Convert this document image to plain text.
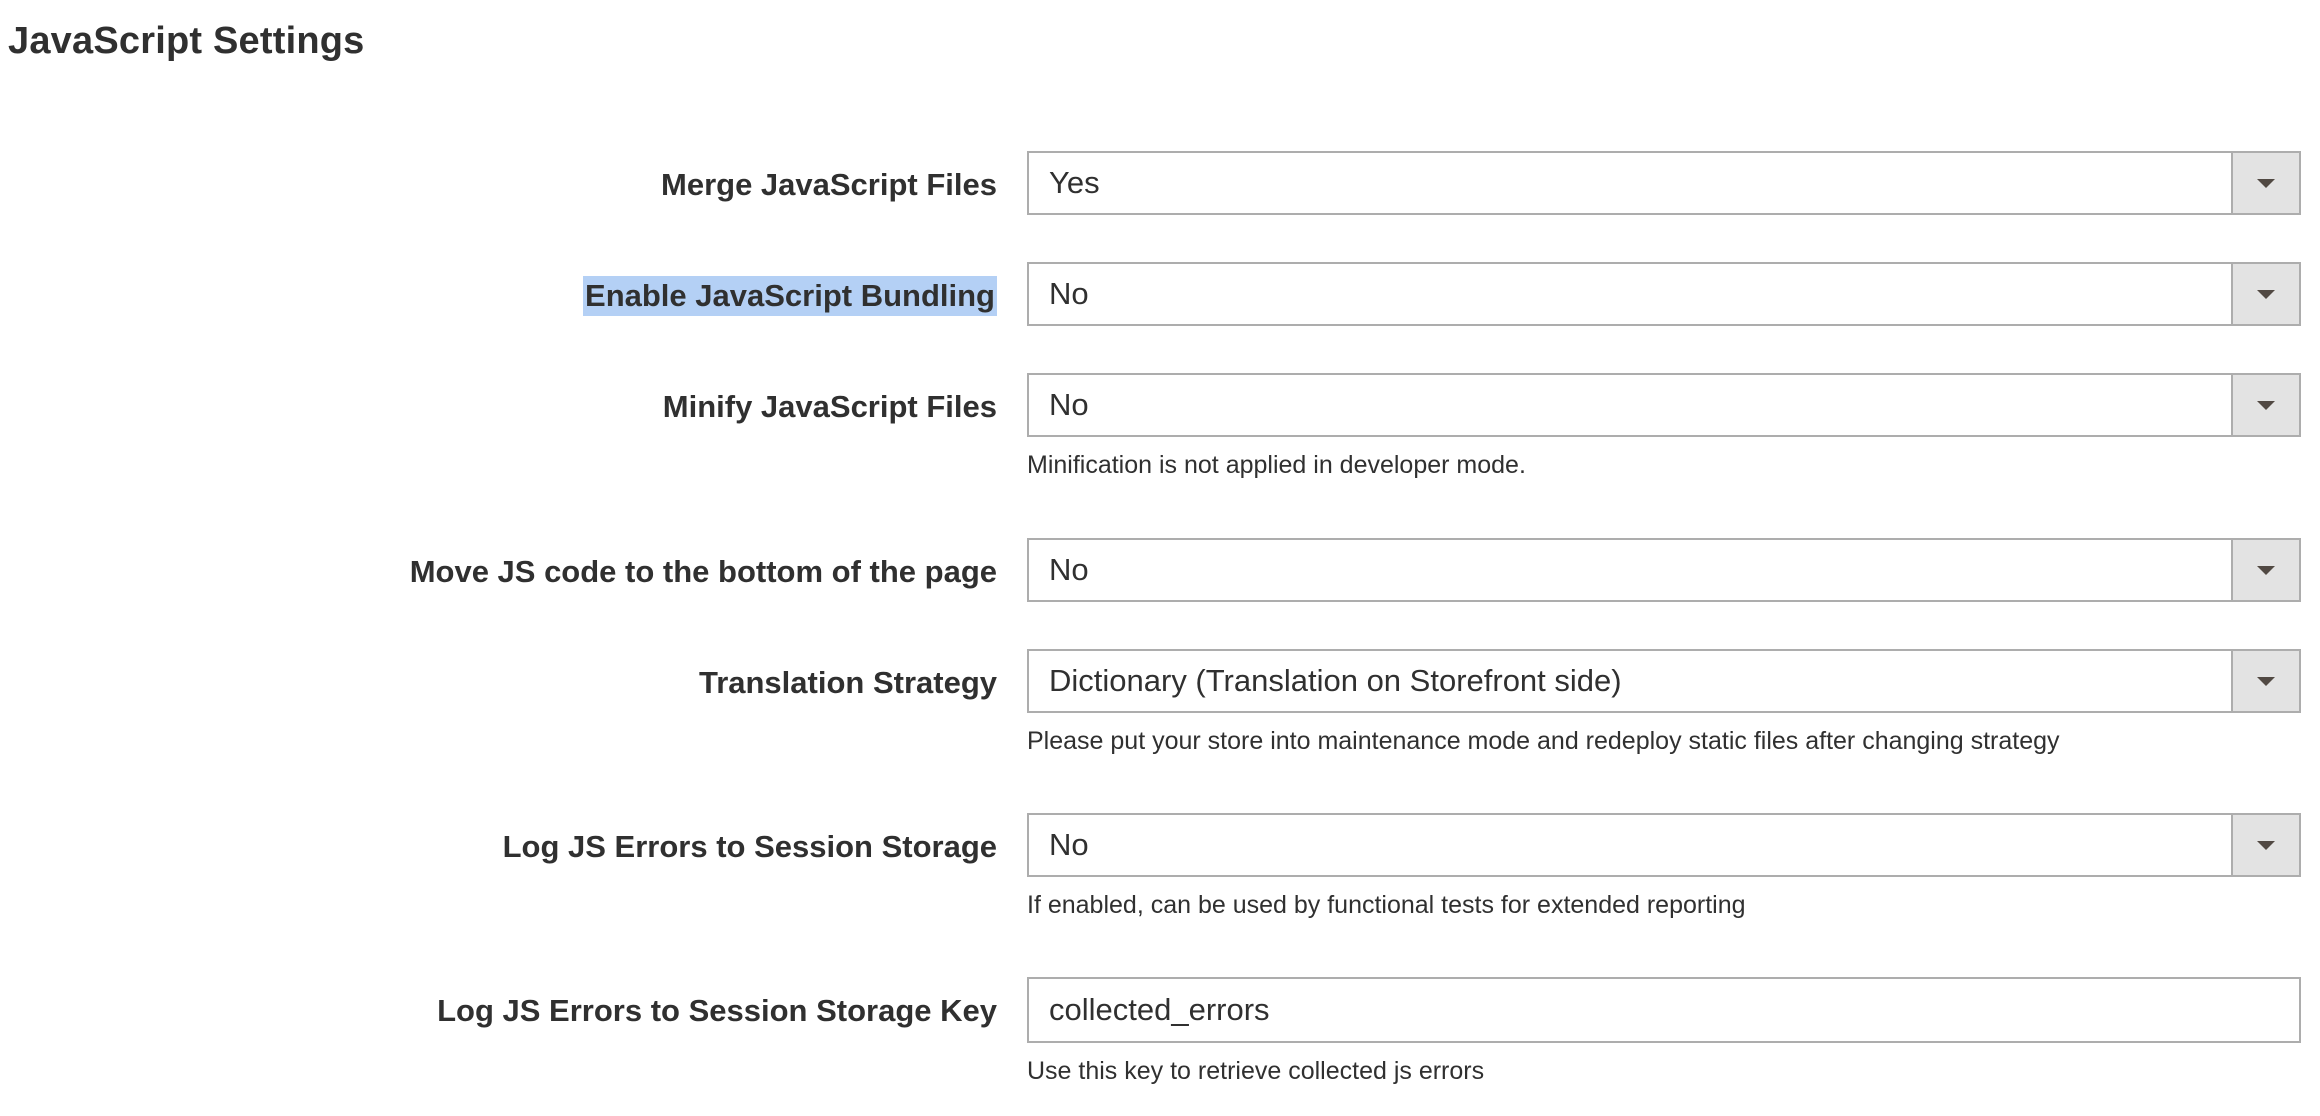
JavaScript Settings
Merge JavaScript Files Yes
Enable JavaScript Bundling No
Minify JavaScript Files No
Minification is not applied in developer mode.
Move JS code to the bottom of the page No
Translation Strategy Dictionary (Translation on Storefront side)
Please put your store into maintenance mode and redeploy static files after changing strategy
Log JS Errors to Session Storage No
If enabled, can be used by functional tests for extended reporting
Log JS Errors to Session Storage Key
collected_errors
Use this key to retrieve collected js errors
